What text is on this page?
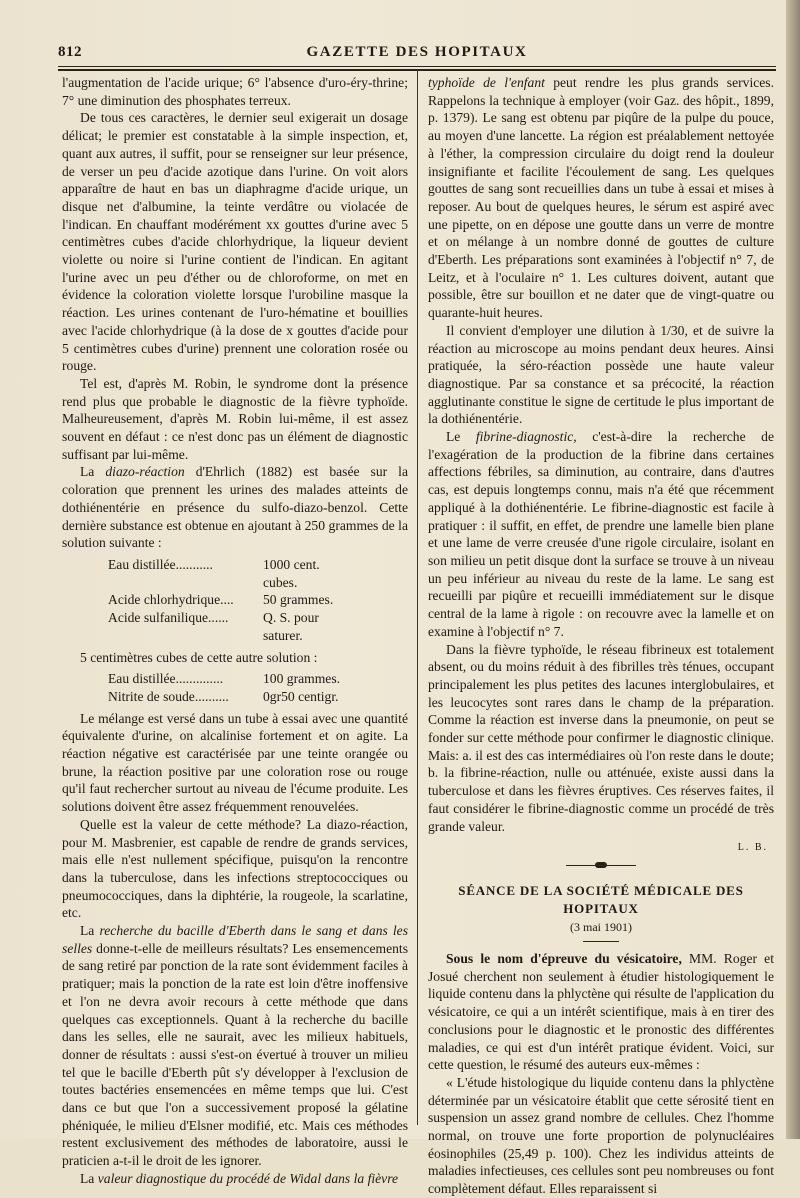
812	GAZETTE DES HOPITAUX

l'augmentation de l'acide urique; 6° l'absence d'uro-éry-thrine; 7° une diminution des phosphates terreux.

De tous ces caractères, le dernier seul exigerait un dosage délicat; le premier est constatable à la simple inspection, et, quant aux autres, il suffit, pour se renseigner sur leur présence, de verser un peu d'acide azotique dans l'urine. On voit alors apparaître de haut en bas un diaphragme d'acide urique, un disque net d'albumine, la teinte verdâtre ou violacée de l'indican. En chauffant modérément xx gouttes d'urine avec 5 centimètres cubes d'acide chlorhydrique, la liqueur devient violette ou noire si l'urine contient de l'indican. En agitant l'urine avec un peu d'éther ou de chloroforme, on met en évidence la coloration violette lorsque l'urobiline masque la réaction. Les urines contenant de l'uro-hématine et bouillies avec l'acide chlorhydrique (à la dose de x gouttes d'acide pour 5 centimètres cubes d'urine) prennent une coloration rosée ou rouge.

Tel est, d'après M. Robin, le syndrome dont la présence rend plus que probable le diagnostic de la fièvre typhoïde. Malheureusement, d'après M. Robin lui-même, il est assez souvent en défaut : ce n'est donc pas un élément de diagnostic suffisant par lui-même.

La diazo-réaction d'Ehrlich (1882) est basée sur la coloration que prennent les urines des malades atteints de dothiénentérie en présence du sulfo-diazo-benzol. Cette dernière substance est obtenue en ajoutant à 250 grammes de la solution suivante :

Eau distillée...........	1000 cent. cubes.
Acide chlorhydrique.... 50 grammes.
Acide sulfanilique......	Q. S. pour saturer.

5 centimètres cubes de cette autre solution :

Eau distillée..............	100 grammes.
Nitrite de soude..........	0gr50 centigr.

Le mélange est versé dans un tube à essai avec une quantité équivalente d'urine, on alcalinise fortement et on agite. La réaction négative est caractérisée par une teinte orangée ou brune, la réaction positive par une coloration rose ou rouge qu'il faut rechercher surtout au niveau de l'écume produite. Les solutions doivent être assez fréquemment renouvelées.

Quelle est la valeur de cette méthode? La diazo-réaction, pour M. Masbrenier, est capable de rendre de grands services, mais elle n'est nullement spécifique, puisqu'on la rencontre dans la tuberculose, dans les infections streptococciques ou pneumococciques, dans la diphtérie, la rougeole, la scarlatine, etc.

La recherche du bacille d'Eberth dans le sang et dans les selles donne-t-elle de meilleurs résultats? Les ensemencements de sang retiré par ponction de la rate sont évidemment faciles à pratiquer; mais la ponction de la rate est loin d'être inoffensive et l'on ne devra avoir recours à cette méthode que dans quelques cas exceptionnels. Quant à la recherche du bacille dans les selles, elle ne saurait, avec les milieux habituels, donner de résultats : aussi s'est-on évertué à trouver un milieu tel que le bacille d'Eberth pût s'y développer à l'exclusion de toutes bactéries ensemencées en même temps que lui. C'est dans ce but que l'on a successivement proposé la gélatine phéniquée, le milieu d'Elsner modifié, etc. Mais ces méthodes restent exclusivement des méthodes de laboratoire, aussi le praticien a-t-il le droit de les ignorer.

La valeur diagnostique du procédé de Widal dans la fièvre

typhoïde de l'enfant peut rendre les plus grands services. Rappelons la technique à employer (voir Gaz. des hôpit., 1899, p. 1379). Le sang est obtenu par piqûre de la pulpe du pouce, au moyen d'une lancette. La région est préalablement nettoyée à l'éther, la compression circulaire du doigt rend la douleur insignifiante et facilite l'écoulement de sang. Les quelques gouttes de sang sont recueillies dans un tube à essai et mises à reposer. Au bout de quelques heures, le sérum est aspiré avec une pipette, on en dépose une goutte dans un verre de montre et on mélange à un nombre donné de gouttes de culture d'Eberth. Les préparations sont examinées à l'objectif n° 7, de Leitz, et à l'oculaire n° 1. Les cultures doivent, autant que possible, être sur bouillon et ne dater que de vingt-quatre ou quarante-huit heures.

Il convient d'employer une dilution à 1/30, et de suivre la réaction au microscope au moins pendant deux heures. Ainsi pratiquée, la séro-réaction possède une haute valeur diagnostique. Par sa constance et sa précocité, la réaction agglutinante constitue le signe de certitude le plus important de la dothiénentérie.

Le fibrine-diagnostic, c'est-à-dire la recherche de l'exagération de la production de la fibrine dans certaines affections fébriles, sa diminution, au contraire, dans d'autres cas, est depuis longtemps connu, mais n'a été que récemment appliqué à la dothiénentérie. Le fibrine-diagnostic est facile à pratiquer : il suffit, en effet, de prendre une lamelle bien plane et une lame de verre creusée d'une rigole circulaire, isolant en son milieu un petit disque dont la surface se trouve à un niveau un peu inférieur au niveau du reste de la lame. Le sang est recueilli par piqûre et recueilli immédiatement sur le disque central de la lame à rigole : on recouvre avec la lamelle et on examine à l'objectif n° 7.

Dans la fièvre typhoïde, le réseau fibrineux est totalement absent, ou du moins réduit à des fibrilles très ténues, occupant principalement les plus petites des lacunes interglobulaires, et les leucocytes sont rares dans le champ de la préparation. Comme la réaction est inverse dans la pneumonie, on peut se fonder sur cette méthode pour confirmer le diagnostic clinique. Mais: a. il est des cas intermédiaires où l'on reste dans le doute; b. la fibrine-réaction, nulle ou atténuée, existe aussi dans la tuberculose et dans les fièvres éruptives. Ces réserves faites, il faut considérer le fibrine-diagnostic comme un procédé de très grande valeur.

L. B.
SÉANCE DE LA SOCIÉTÉ MÉDICALE DES HOPITAUX
(3 mai 1901)

Sous le nom d'épreuve du vésicatoire, MM. Roger et Josué cherchent non seulement à étudier histologiquement le liquide contenu dans la phlyctène qui résulte de l'application du vésicatoire, ce qui a un intérêt scientifique, mais à en tirer des conclusions pour le diagnostic et le pronostic des différentes maladies, ce qui est d'un intérêt pratique évident. Voici, sur cette question, le résumé des auteurs eux-mêmes :

« L'étude histologique du liquide contenu dans la phlyctène déterminée par un vésicatoire établit que cette sérosité tient en suspension un assez grand nombre de cellules. Chez l'homme normal, on trouve une forte proportion de polynucléaires éosinophiles (25,49 p. 100). Chez les individus atteints de maladies infectieuses, ces cellules sont peu nombreuses ou font complètement défaut. Elles reparaissent si
